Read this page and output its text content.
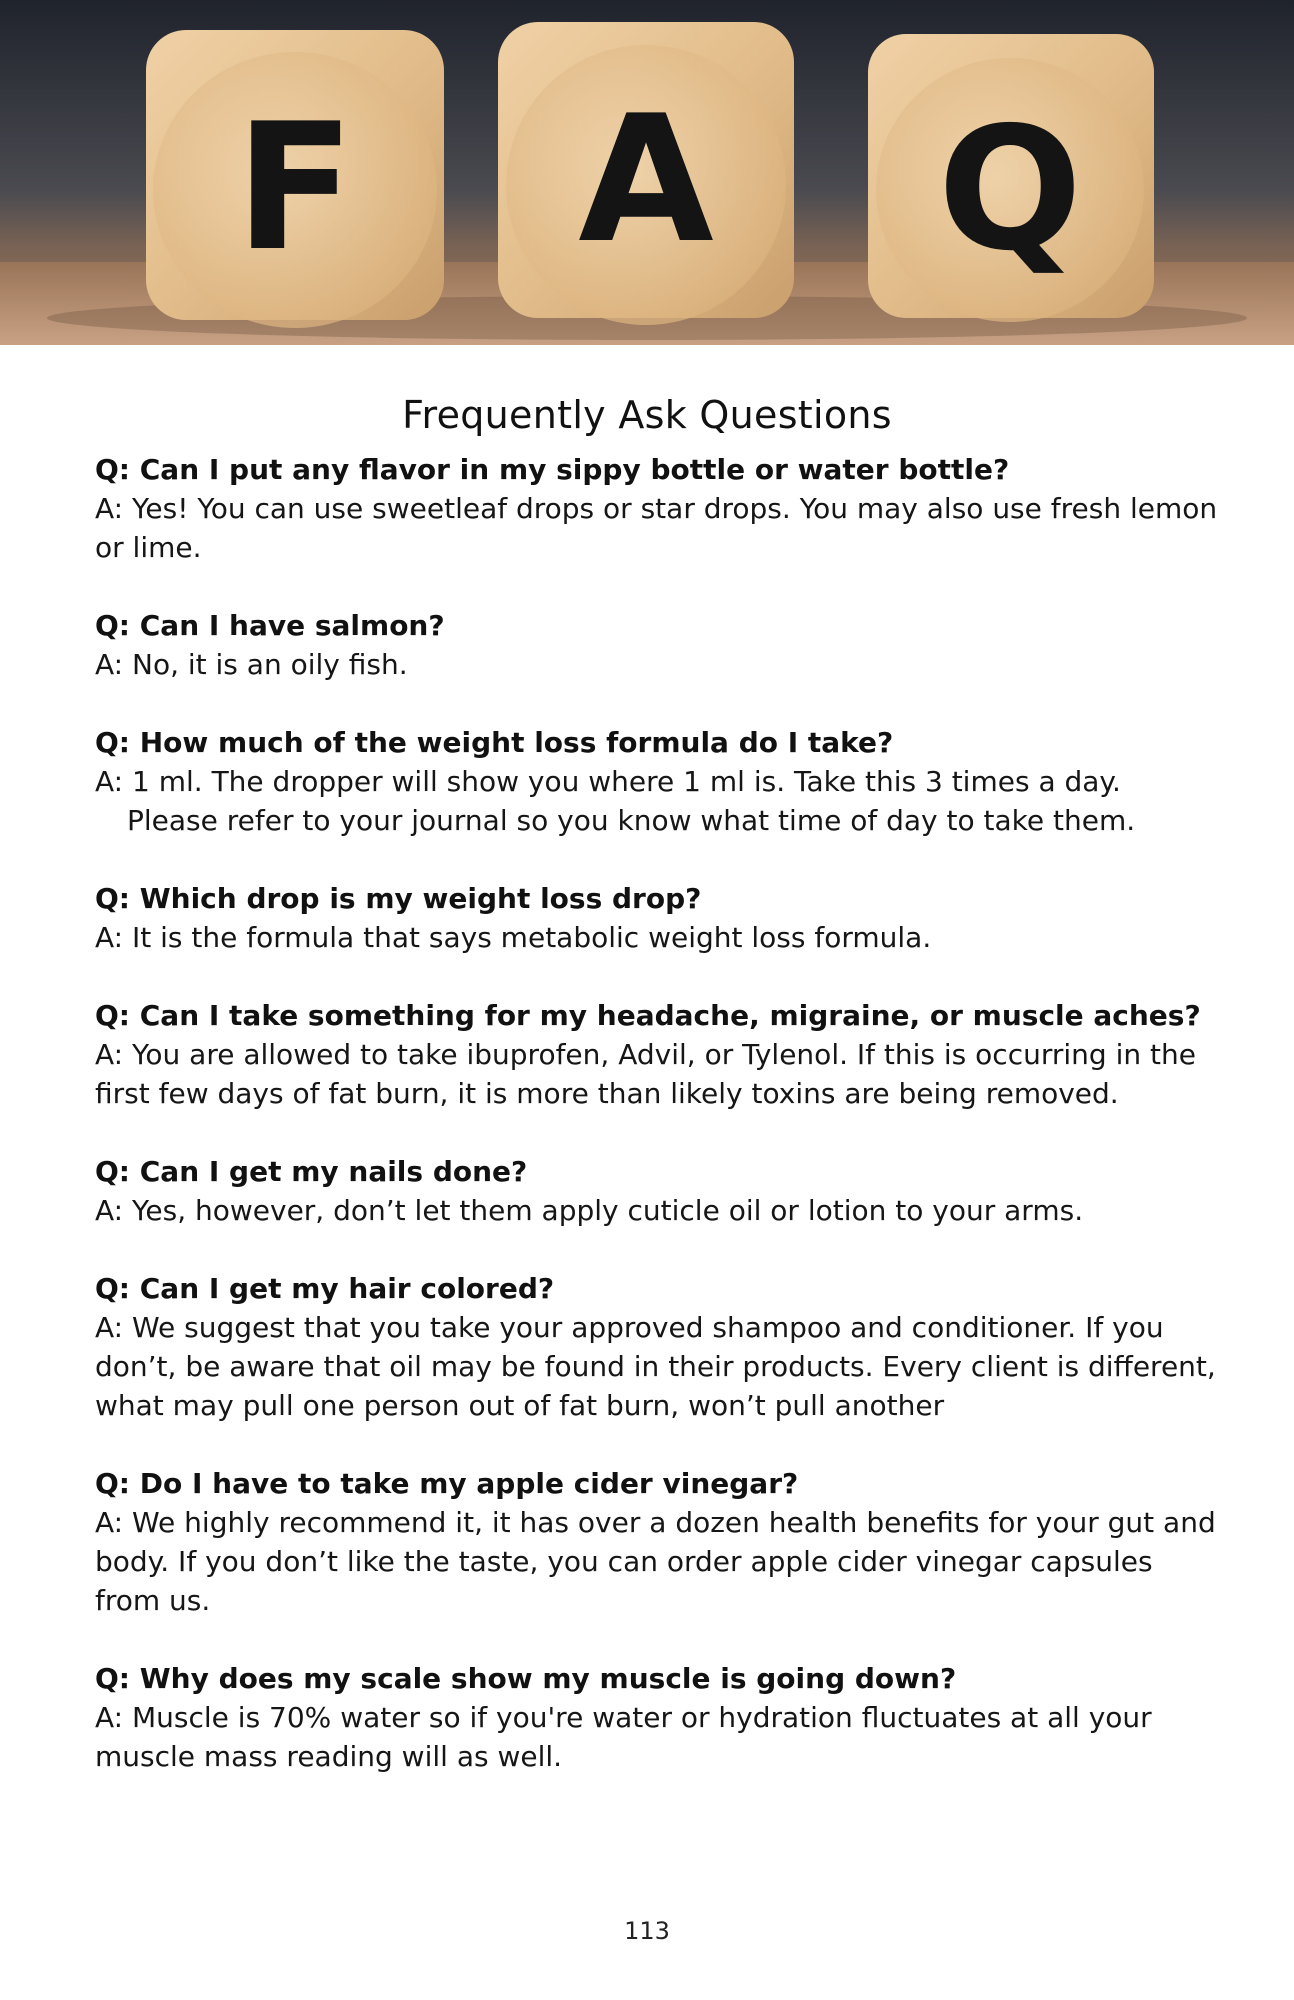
F A Q
Frequently Ask Questions

Q: Can I put any flavor in my sippy bottle or water bottle?

A: Yes! You can use sweetleaf drops or star drops. You may also use fresh lemon or lime.

Q: Can I have salmon?

A: No, it is an oily fish.

Q: How much of the weight loss formula do I take?

A: 1 ml. The dropper will show you where 1 ml is. Take this 3 times a day.
Please refer to your journal so you know what time of day to take them.

Q: Which drop is my weight loss drop?

A: It is the formula that says metabolic weight loss formula.

Q: Can I take something for my headache, migraine, or muscle aches?

A: You are allowed to take ibuprofen, Advil, or Tylenol. If this is occurring in the first few days of fat burn, it is more than likely toxins are being removed.

Q: Can I get my nails done?

A: Yes, however, don’t let them apply cuticle oil or lotion to your arms.

Q: Can I get my hair colored?

A: We suggest that you take your approved shampoo and conditioner. If you don’t, be aware that oil may be found in their products. Every client is different, what may pull one person out of fat burn, won’t pull another

Q: Do I have to take my apple cider vinegar?

A: We highly recommend it, it has over a dozen health benefits for your gut and body. If you don’t like the taste, you can order apple cider vinegar capsules from us.

Q: Why does my scale show my muscle is going down?

A: Muscle is 70% water so if you're water or hydration fluctuates at all your muscle mass reading will as well.

113
